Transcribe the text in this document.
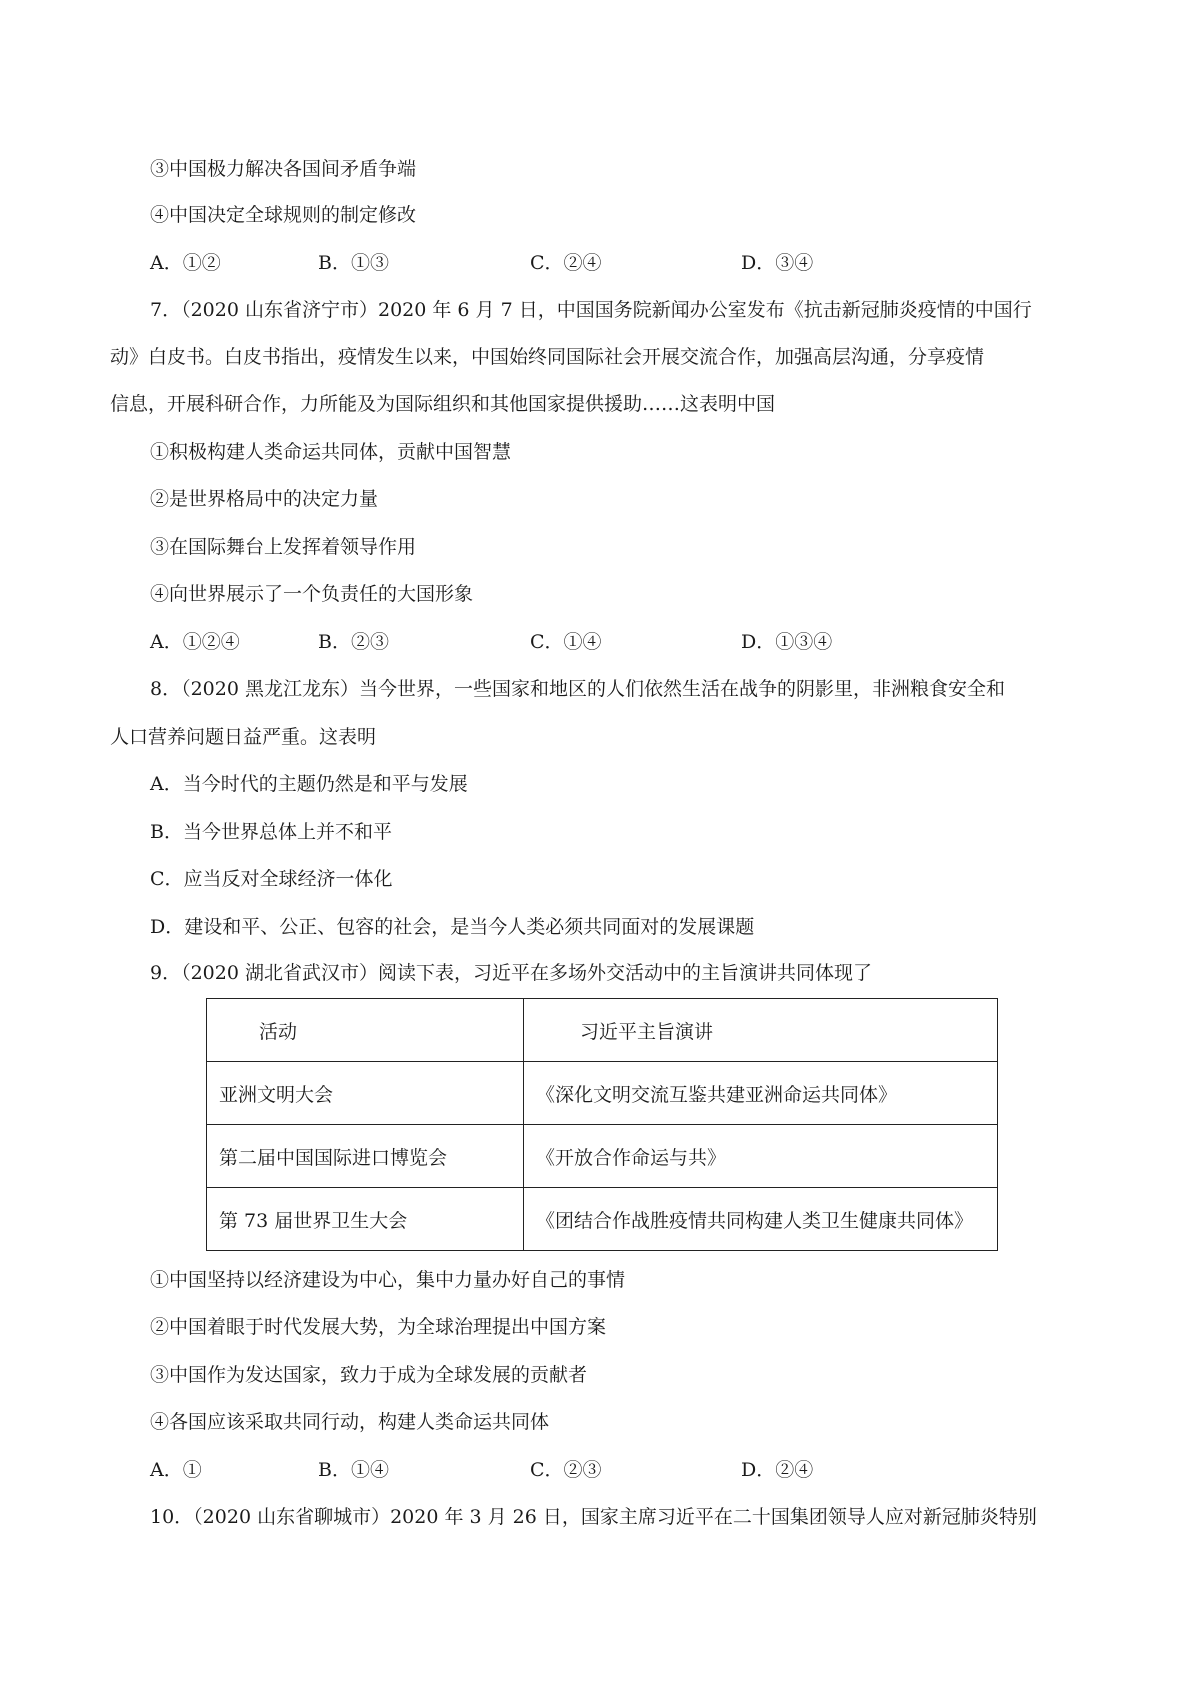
③中国极力解决各国间矛盾争端
④中国决定全球规则的制定修改
A．①②	B．①③	C．②④	D．③④
7．（2020 山东省济宁市）2020 年 6 月 7 日，中国国务院新闻办公室发布《抗击新冠肺炎疫情的中国行
动》白皮书。白皮书指出，疫情发生以来，中国始终同国际社会开展交流合作，加强高层沟通，分享疫情
信息，开展科研合作，力所能及为国际组织和其他国家提供援助……这表明中国
①积极构建人类命运共同体，贡献中国智慧
②是世界格局中的决定力量
③在国际舞台上发挥着领导作用
④向世界展示了一个负责任的大国形象
A．①②④	B．②③	C．①④	D．①③④
8．（2020 黑龙江龙东）当今世界，一些国家和地区的人们依然生活在战争的阴影里，非洲粮食安全和
人口营养问题日益严重。这表明
A．当今时代的主题仍然是和平与发展
B．当今世界总体上并不和平
C．应当反对全球经济一体化
D．建设和平、公正、包容的社会，是当今人类必须共同面对的发展课题
9．（2020 湖北省武汉市）阅读下表，习近平在多场外交活动中的主旨演讲共同体现了
活动	习近平主旨演讲
亚洲文明大会	《深化文明交流互鉴共建亚洲命运共同体》
第二届中国国际进口博览会	《开放合作命运与共》
第 73 届世界卫生大会	《团结合作战胜疫情共同构建人类卫生健康共同体》
①中国坚持以经济建设为中心，集中力量办好自己的事情
②中国着眼于时代发展大势，为全球治理提出中国方案
③中国作为发达国家，致力于成为全球发展的贡献者
④各国应该采取共同行动，构建人类命运共同体
A．①	B．①④	C．②③	D．②④
10．（2020 山东省聊城市）2020 年 3 月 26 日，国家主席习近平在二十国集团领导人应对新冠肺炎特别
